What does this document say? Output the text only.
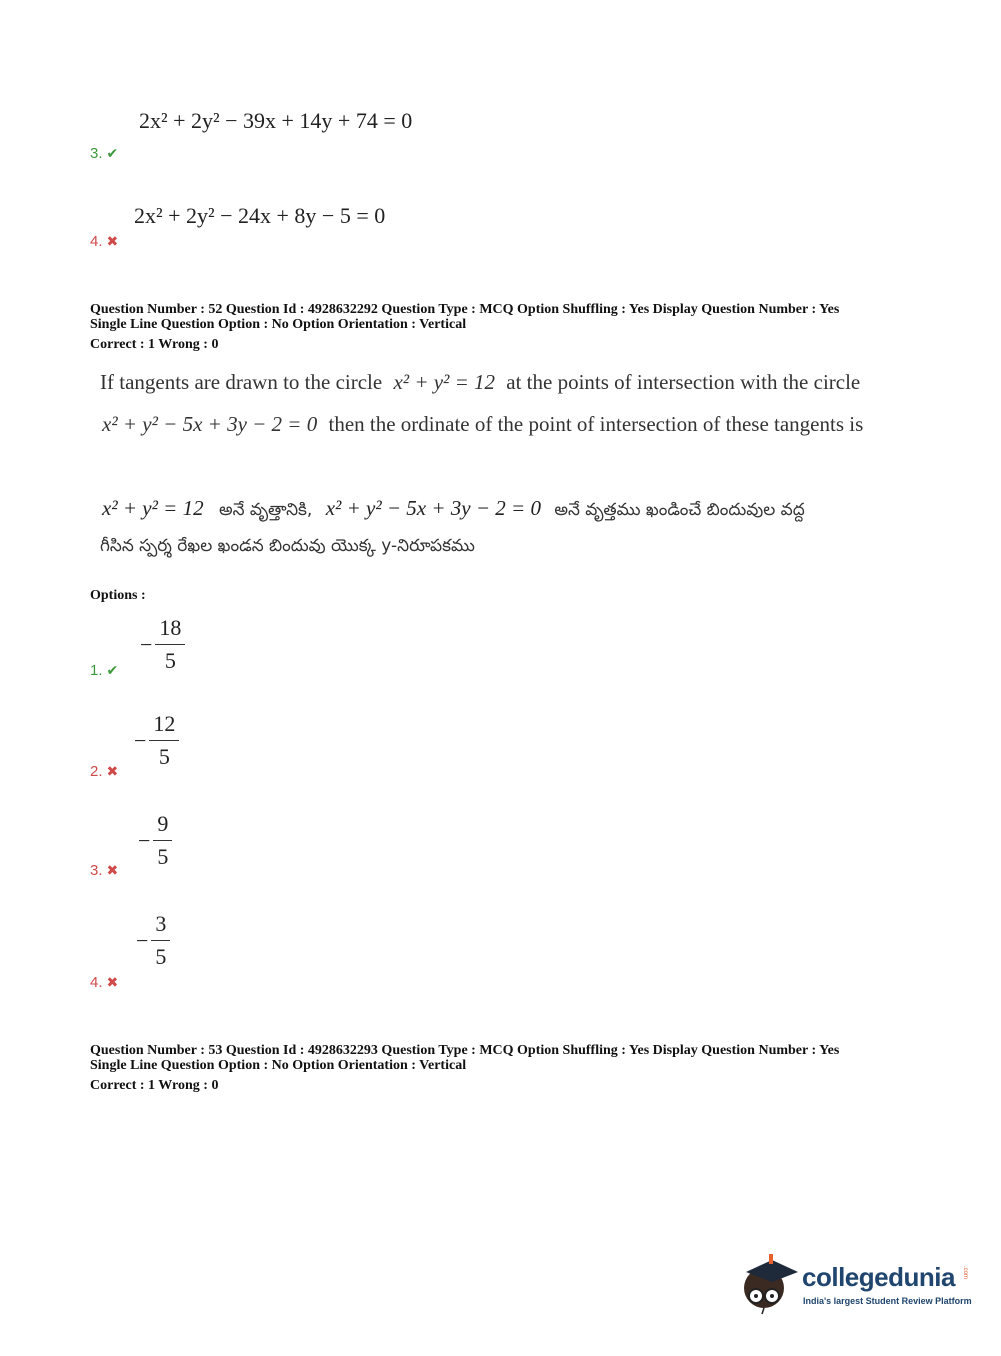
2x² + 2y² − 39x + 14y + 74 = 0
3. ✔
2x² + 2y² − 24x + 8y − 5 = 0
4. ✖
Question Number : 52 Question Id : 4928632292 Question Type : MCQ Option Shuffling : Yes Display Question Number : Yes
Single Line Question Option : No Option Orientation : Vertical
Correct : 1 Wrong : 0
If tangents are drawn to the circle x² + y² = 12 at the points of intersection with the circle
x² + y² − 5x + 3y − 2 = 0 then the ordinate of the point of intersection of these tangents is
x² + y² = 12 అనే వృత్తానికి, x² + y² − 5x + 3y − 2 = 0 అనే వృత్తము ఖండించే బిందువుల వద్ద
గీసిన స్పర్శ రేఖల ఖండన బిందువు యొక్క y-నిరూపకము
Options :
− $\frac{18}{5}$
1. ✔
− $\frac{12}{5}$
2. ✖
− $\frac{9}{5}$
3. ✖
− $\frac{3}{5}$
4. ✖
Question Number : 53 Question Id : 4928632293 Question Type : MCQ Option Shuffling : Yes Display Question Number : Yes
Single Line Question Option : No Option Orientation : Vertical
Correct : 1 Wrong : 0
collegedunia .com
India's largest Student Review Platform
